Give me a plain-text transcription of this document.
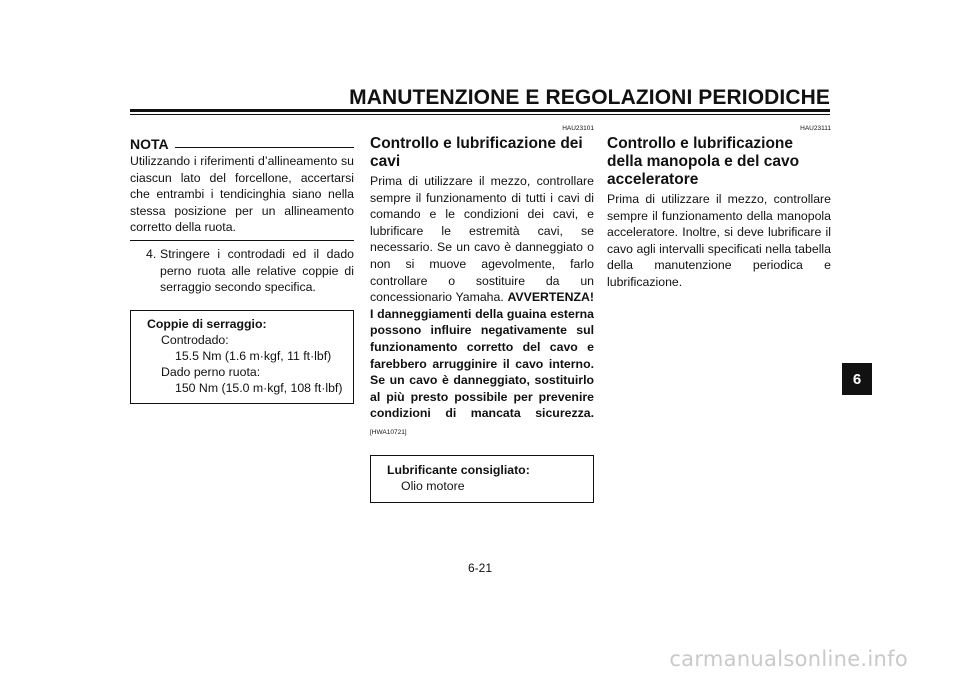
MANUTENZIONE E REGOLAZIONI PERIODICHE
NOTA
Utilizzando i riferimenti d’allineamento su ciascun lato del forcellone, accertarsi che entrambi i tendicinghia siano nella stessa posizione per un allineamento corretto della ruota.
4. Stringere i controdadi ed il dado perno ruota alle relative coppie di serraggio secondo specifica.
Coppie di serraggio:
Controdado:
15.5 Nm (1.6 m·kgf, 11 ft·lbf)
Dado perno ruota:
150 Nm (15.0 m·kgf, 108 ft·lbf)
HAU23101
Controllo e lubrificazione dei cavi
Prima di utilizzare il mezzo, controllare sempre il funzionamento di tutti i cavi di comando e le condizioni dei cavi, e lubrificare le estremità cavi, se necessario. Se un cavo è danneggiato o non si muove agevolmente, farlo controllare o sostituire da un concessionario Yamaha. AVVERTENZA! I danneggiamenti della guaina esterna possono influire negativamente sul funzionamento corretto del cavo e farebbero arrugginire il cavo interno. Se un cavo è danneggiato, sostituirlo al più presto possibile per prevenire condizioni di mancata sicurezza.[HWA10721]
Lubrificante consigliato:
Olio motore
HAU23111
Controllo e lubrificazione della manopola e del cavo acceleratore
Prima di utilizzare il mezzo, controllare sempre il funzionamento della manopola acceleratore. Inoltre, si deve lubrificare il cavo agli intervalli specificati nella tabella della manutenzione periodica e lubrificazione.
6
6-21
carmanualsonline.info
